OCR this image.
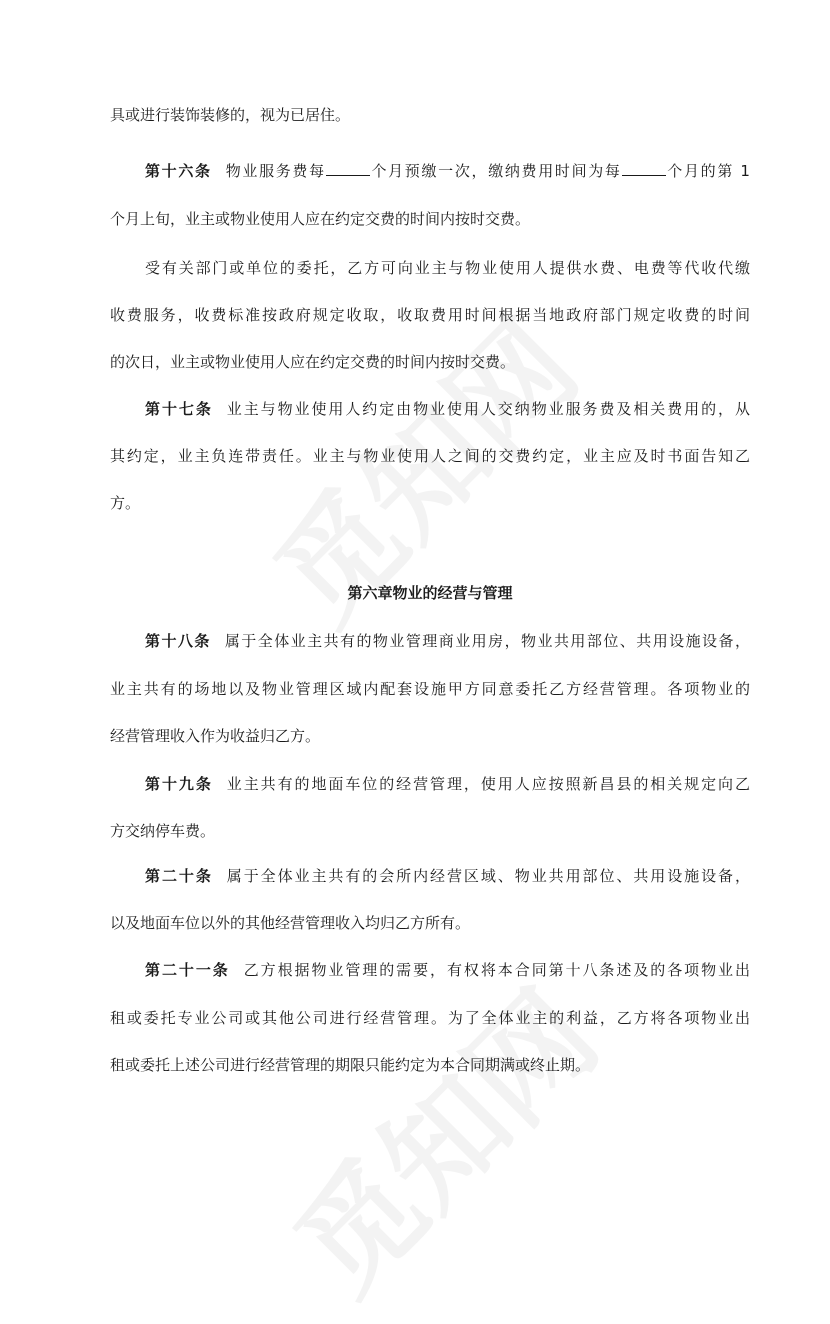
具或进行装饰装修的，视为已居住。
第十六条 物业服务费每	个月预缴一次，缴纳费用时间为每	个月的第 1
个月上旬，业主或物业使用人应在约定交费的时间内按时交费。
受有关部门或单位的委托，乙方可向业主与物业使用人提供水费、电费等代收代缴
收费服务，收费标准按政府规定收取，收取费用时间根据当地政府部门规定收费的时间
的次日，业主或物业使用人应在约定交费的时间内按时交费。
第十七条 业主与物业使用人约定由物业使用人交纳物业服务费及相关费用的，从
其约定，业主负连带责任。业主与物业使用人之间的交费约定，业主应及时书面告知乙
方。
第六章物业的经营与管理
第十八条 属于全体业主共有的物业管理商业用房，物业共用部位、共用设施设备，
业主共有的场地以及物业管理区域内配套设施甲方同意委托乙方经营管理。各项物业的
经营管理收入作为收益归乙方。
第十九条 业主共有的地面车位的经营管理，使用人应按照新昌县的相关规定向乙
方交纳停车费。
第二十条 属于全体业主共有的会所内经营区域、物业共用部位、共用设施设备，
以及地面车位以外的其他经营管理收入均归乙方所有。
第二十一条 乙方根据物业管理的需要，有权将本合同第十八条述及的各项物业出
租或委托专业公司或其他公司进行经营管理。为了全体业主的利益，乙方将各项物业出
租或委托上述公司进行经营管理的期限只能约定为本合同期满或终止期。
